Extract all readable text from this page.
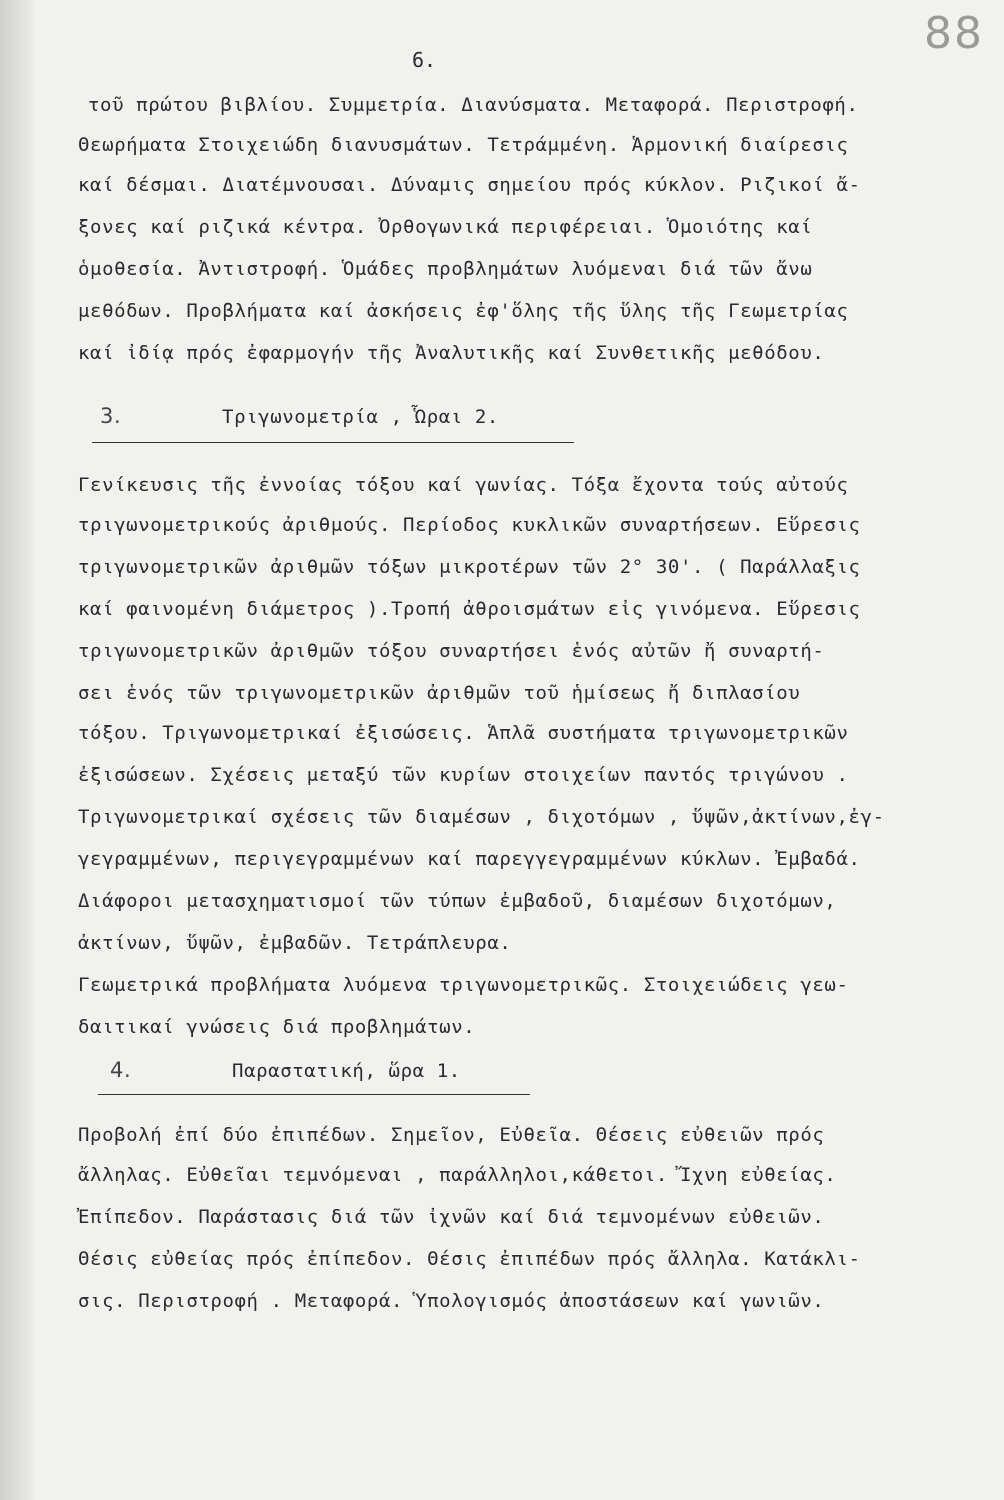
88
6.
τοῦ πρώτου βιβλίου. Συμμετρία. Διανύσματα. Μεταφορά. Περιστροφή.
Θεωρήματα Στοιχειώδη διανυσμάτων. Τετράμμένη. Ἁρμονική διαίρεσις
καί δέσμαι. Διατέμνουσαι. Δύναμις σημείου πρός κύκλον. Ριζικοί ἄ-
ξονες καί ριζικά κέντρα. Ὀρθογωνικά περιφέρειαι. Ὁμοιότης καί
ὁμοθεσία. Ἀντιστροφή. Ὁμάδες προβλημάτων λυόμεναι διά τῶν ἄνω
μεθόδων. Προβλήματα καί ἀσκήσεις ἐφ'ὅλης τῆς ὕλης τῆς Γεωμετρίας
καί ἰδίᾳ πρός ἐφαρμογήν τῆς Ἀναλυτικῆς καί Συνθετικῆς μεθόδου.
3.	Τριγωνομετρία , Ὧραι 2.
Γενίκευσις τῆς ἐννοίας τόξου καί γωνίας. Τόξα ἔχοντα τούς αὐτούς
τριγωνομετρικούς ἀριθμούς. Περίοδος κυκλικῶν συναρτήσεων. Εὕρεσις
τριγωνομετρικῶν ἀριθμῶν τόξων μικροτέρων τῶν 2° 30'. ( Παράλλαξις
καί φαινομένη διάμετρος ).Τροπή ἀθροισμάτων εἰς γινόμενα. Εὕρεσις
τριγωνομετρικῶν ἀριθμῶν τόξου συναρτήσει ἑνός αὐτῶν ἤ συναρτή-
σει ἑνός τῶν τριγωνομετρικῶν ἀριθμῶν τοῦ ἡμίσεως ἤ διπλασίου
τόξου. Τριγωνομετρικαί ἐξισώσεις. Ἁπλᾶ συστήματα τριγωνομετρικῶν
ἐξισώσεων. Σχέσεις μεταξύ τῶν κυρίων στοιχείων παντός τριγώνου .
Τριγωνομετρικαί σχέσεις τῶν διαμέσων , διχοτόμων , ὕψῶν,ἀκτίνων,ἐγ-
γεγραμμένων, περιγεγραμμένων καί παρεγγεγραμμένων κύκλων. Ἐμβαδά.
Διάφοροι μετασχηματισμοί τῶν τύπων ἐμβαδοῦ, διαμέσων διχοτόμων,
ἀκτίνων, ὕψῶν, ἐμβαδῶν. Τετράπλευρα.
Γεωμετρικά προβλήματα λυόμενα τριγωνομετρικῶς. Στοιχειώδεις γεω-
δαιτικαί γνώσεις διά προβλημάτων.
4.	Παραστατική, ὥρα 1.
Προβολή ἐπί δύο ἐπιπέδων. Σημεῖον, Εὐθεῖα. Θέσεις εὐθειῶν πρός
ἄλληλας. Εὐθεῖαι τεμνόμεναι , παράλληλοι,κάθετοι. Ἴχνη εὐθείας.
Ἐπίπεδον. Παράστασις διά τῶν ἰχνῶν καί διά τεμνομένων εὐθειῶν.
Θέσις εὐθείας πρός ἐπίπεδον. Θέσις ἐπιπέδων πρός ἄλληλα. Κατάκλι-
σις. Περιστροφή . Μεταφορά. Ὑπολογισμός ἀποστάσεων καί γωνιῶν.
